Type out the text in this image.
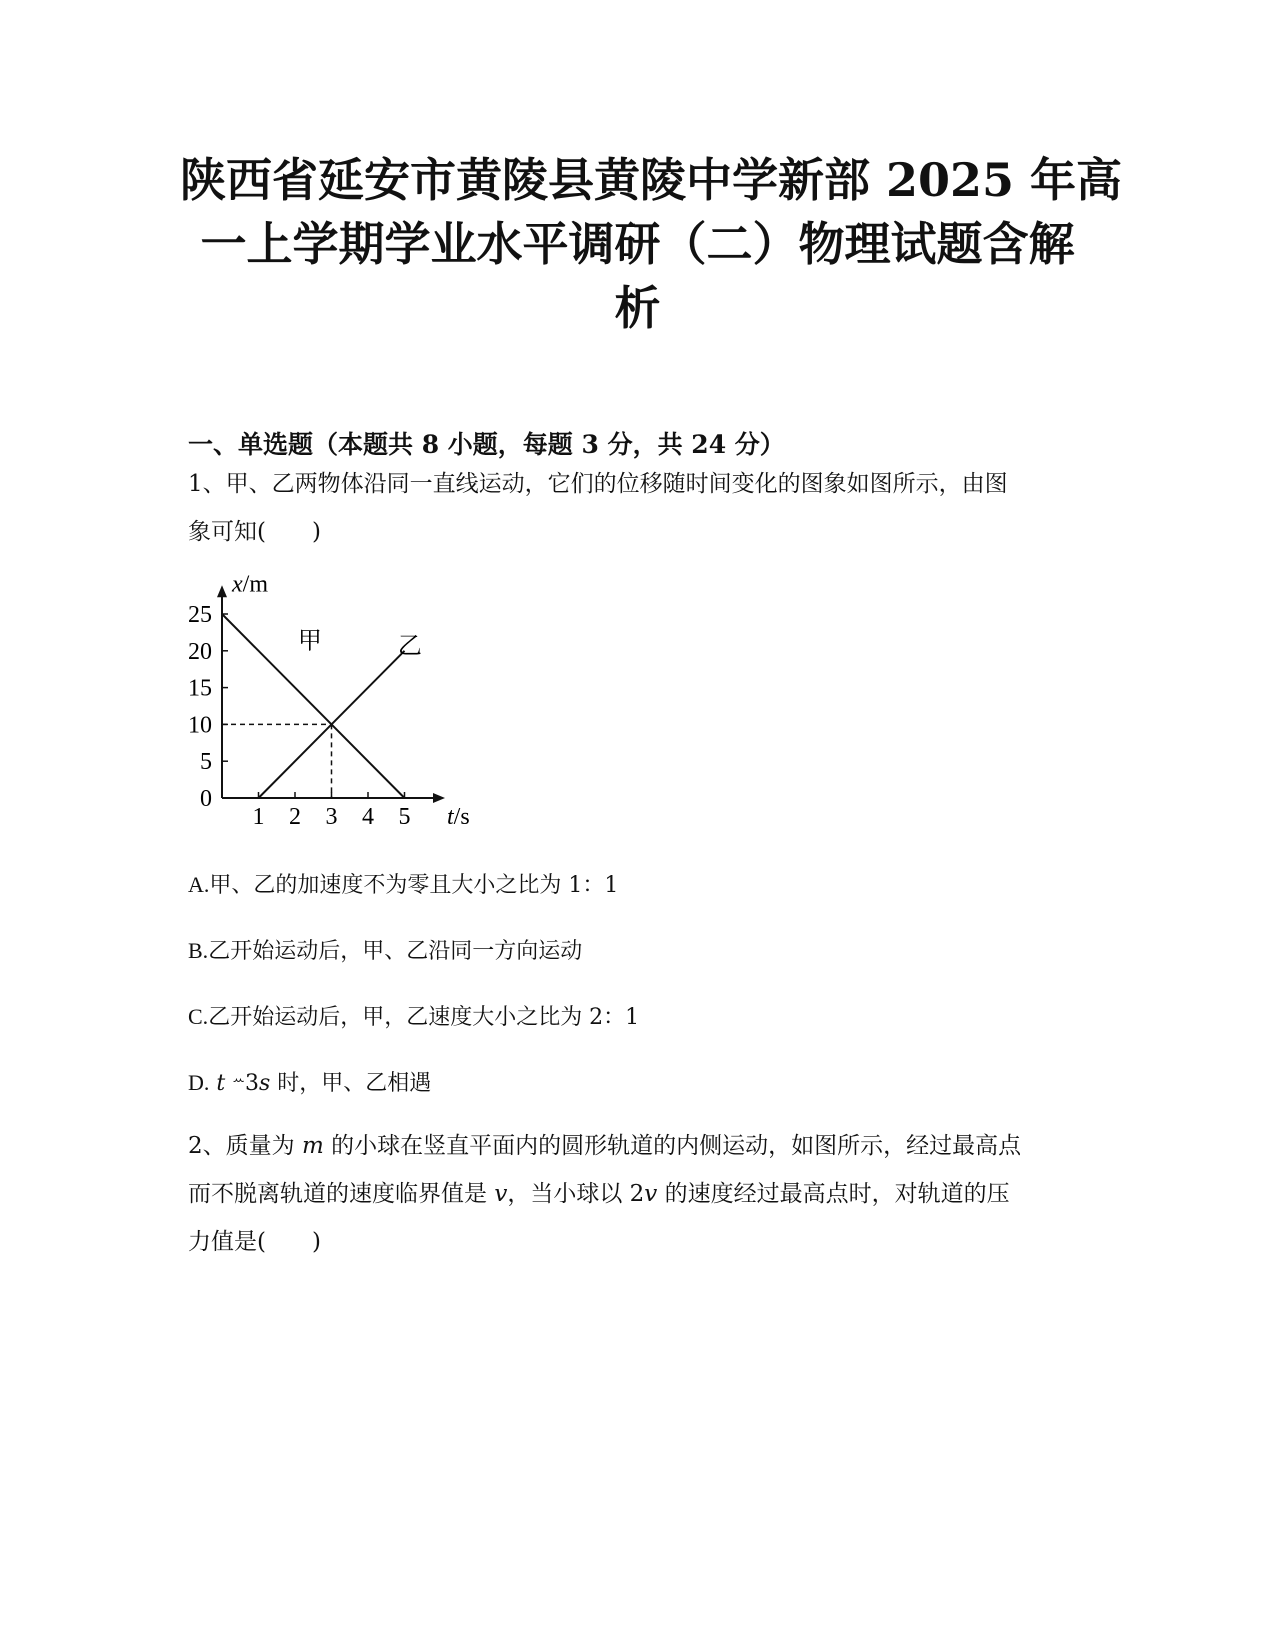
陕西省延安市黄陵县黄陵中学新部 2025 年高
一上学期学业水平调研（二）物理试题含解
析
一、单选题（本题共 8 小题，每题 3 分，共 24 分）
1、甲、乙两物体沿同一直线运动，它们的位移随时间变化的图象如图所示，由图
象可知(　　)
1 2 3 4 5
0
5
10
15
20
25
甲	乙
x/m
t/s
A.甲、乙的加速度不为零且大小之比为 1：1
B.乙开始运动后，甲、乙沿同一方向运动
C.乙开始运动后，甲，乙速度大小之比为 2：1
D. t $^ꕀ$3s 时，甲、乙相遇
2、质量为 m 的小球在竖直平面内的圆形轨道的内侧运动，如图所示，经过最高点
而不脱离轨道的速度临界值是 v，当小球以 2v 的速度经过最高点时，对轨道的压
力值是(　　)
